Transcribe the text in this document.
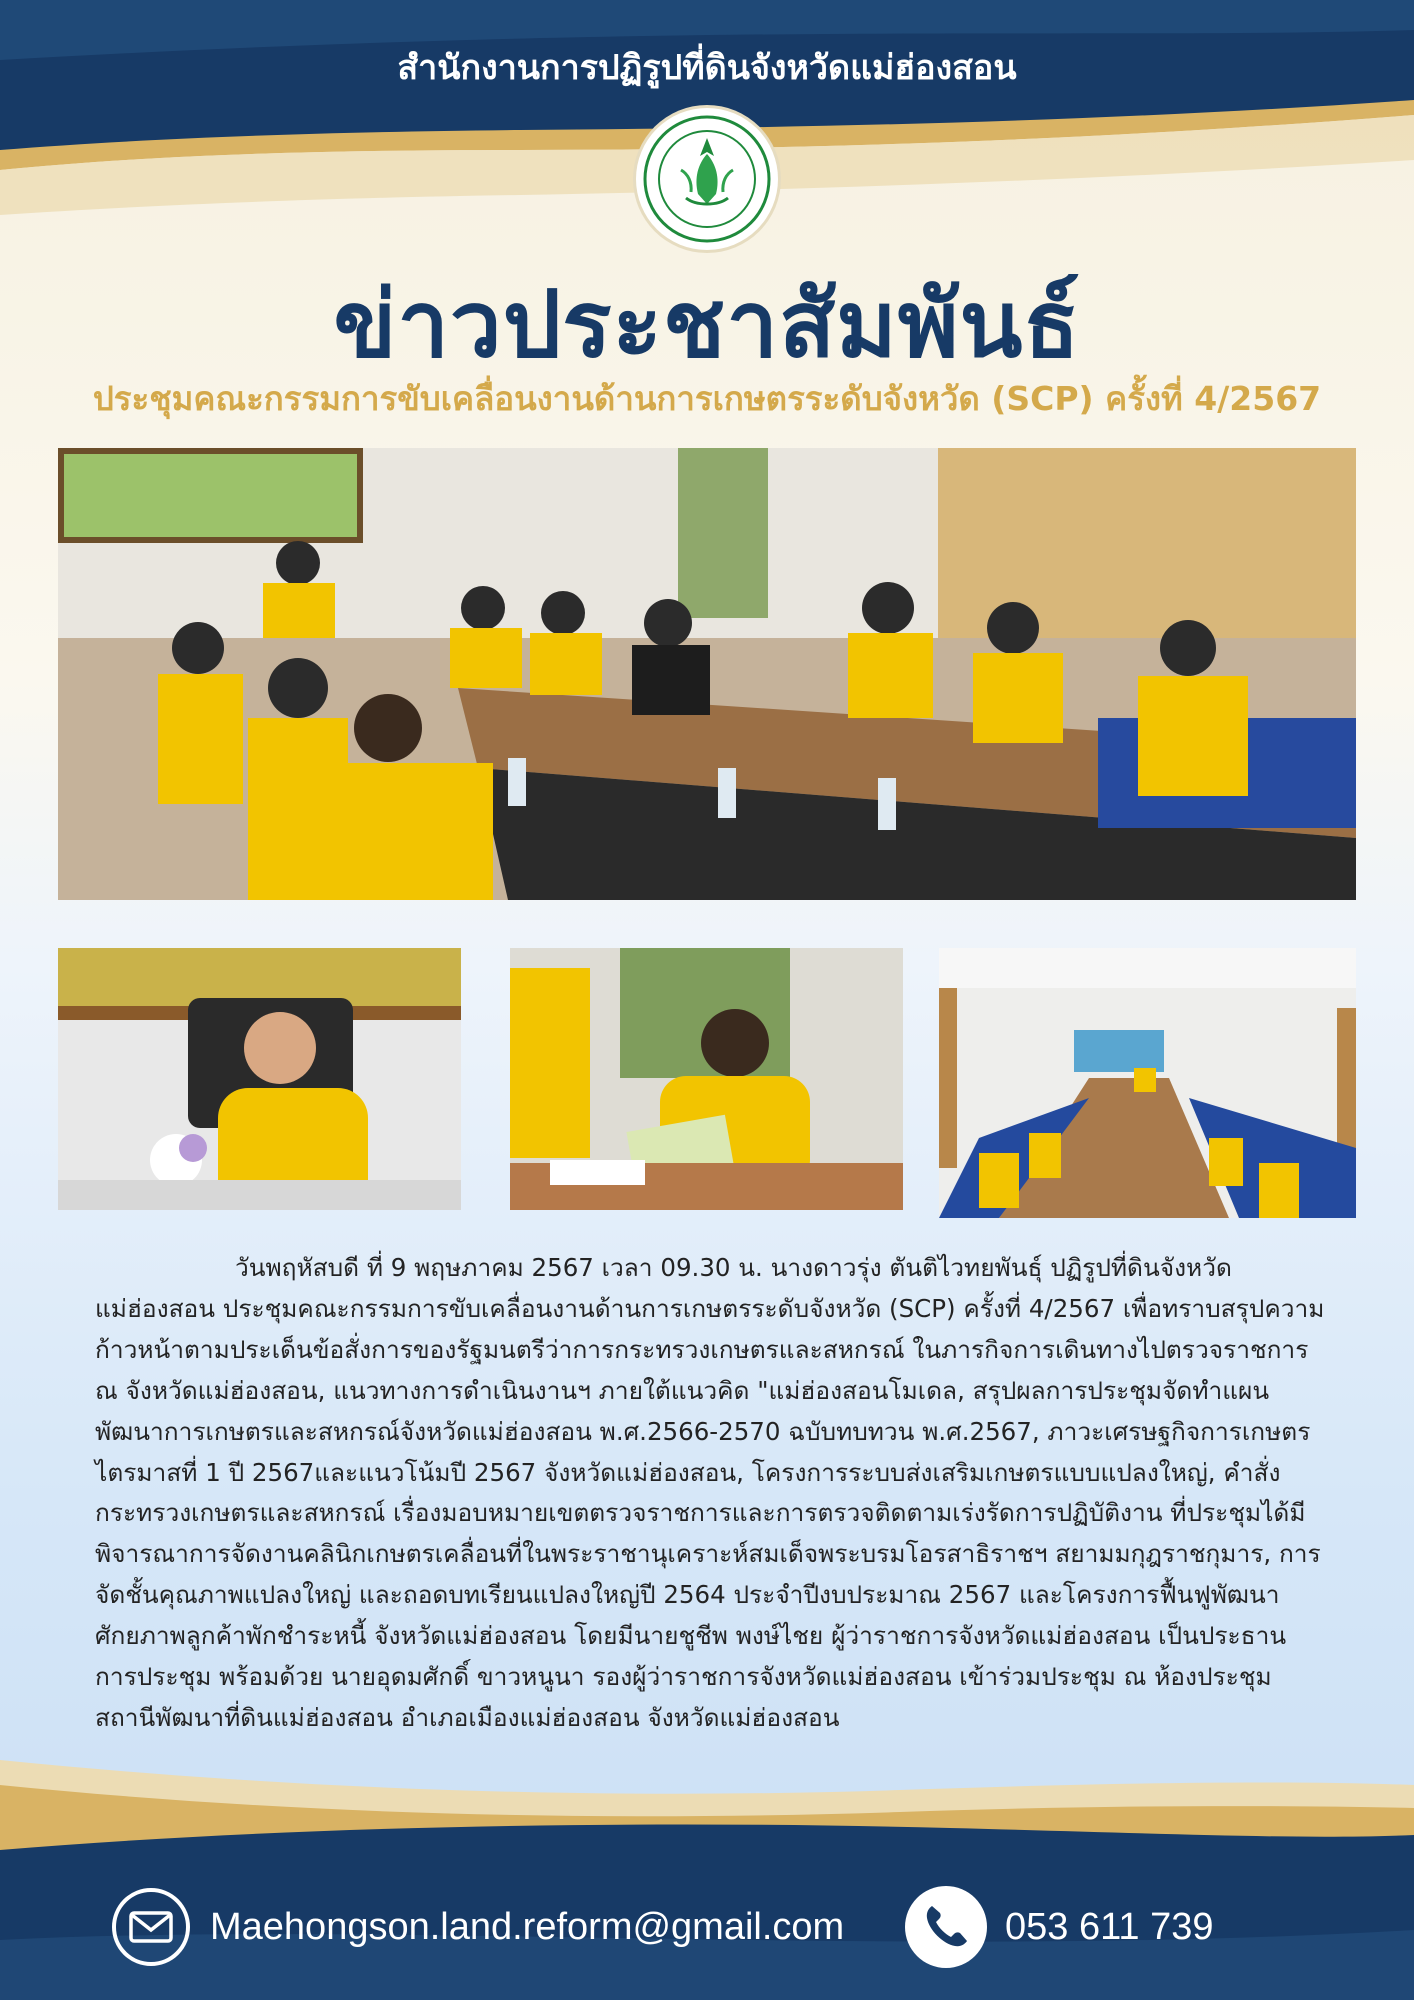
สำนักงานการปฏิรูปที่ดินจังหวัดแม่ฮ่องสอน
ข่าวประชาสัมพันธ์
ประชุมคณะกรรมการขับเคลื่อนงานด้านการเกษตรระดับจังหวัด (SCP) ครั้งที่ 4/2567
วันพฤหัสบดี ที่ 9 พฤษภาคม 2567 เวลา 09.30 น. นางดาวรุ่ง ตันติไวทยพันธุ์ ปฏิรูปที่ดินจังหวัดแม่ฮ่องสอน ประชุมคณะกรรมการขับเคลื่อนงานด้านการเกษตรระดับจังหวัด (SCP) ครั้งที่ 4/2567 เพื่อทราบสรุปความก้าวหน้าตามประเด็นข้อสั่งการของรัฐมนตรีว่าการกระทรวงเกษตรและสหกรณ์ ในภารกิจการเดินทางไปตรวจราชการ ณ จังหวัดแม่ฮ่องสอน, แนวทางการดำเนินงานฯ ภายใต้แนวคิด "แม่ฮ่องสอนโมเดล, สรุปผลการประชุมจัดทำแผนพัฒนาการเกษตรและสหกรณ์จังหวัดแม่ฮ่องสอน พ.ศ.2566-2570 ฉบับทบทวน พ.ศ.2567, ภาวะเศรษฐกิจการเกษตร ไตรมาสที่ 1 ปี 2567และแนวโน้มปี 2567 จังหวัดแม่ฮ่องสอน, โครงการระบบส่งเสริมเกษตรแบบแปลงใหญ่, คำสั่งกระทรวงเกษตรและสหกรณ์ เรื่องมอบหมายเขตตรวจราชการและการตรวจติดตามเร่งรัดการปฏิบัติงาน ที่ประชุมได้มีพิจารณาการจัดงานคลินิกเกษตรเคลื่อนที่ในพระราชานุเคราะห์สมเด็จพระบรมโอรสาธิราชฯ สยามมกุฎราชกุมาร, การจัดชั้นคุณภาพแปลงใหญ่ และถอดบทเรียนแปลงใหญ่ปี 2564 ประจำปีงบประมาณ 2567 และโครงการฟื้นฟูพัฒนาศักยภาพลูกค้าพักชำระหนี้ จังหวัดแม่ฮ่องสอน โดยมีนายชูชีพ พงษ์ไชย ผู้ว่าราชการจังหวัดแม่ฮ่องสอน เป็นประธานการประชุม พร้อมด้วย นายอุดมศักดิ์ ขาวหนูนา รองผู้ว่าราชการจังหวัดแม่ฮ่องสอน เข้าร่วมประชุม ณ ห้องประชุมสถานีพัฒนาที่ดินแม่ฮ่องสอน อำเภอเมืองแม่ฮ่องสอน จังหวัดแม่ฮ่องสอน
Maehongson.land.reform@gmail.com	053 611 739
